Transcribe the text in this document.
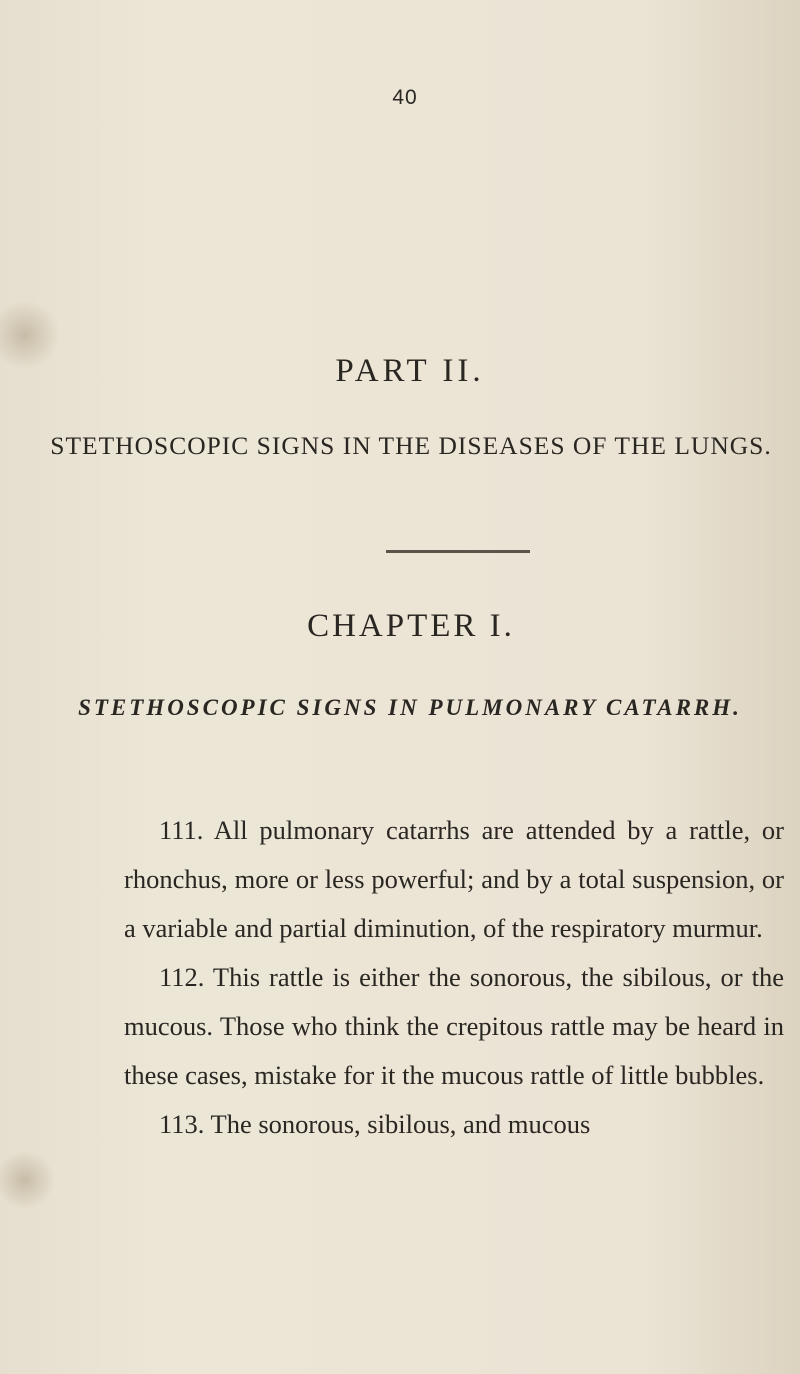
40
PART II.
STETHOSCOPIC SIGNS IN THE DISEASES OF THE LUNGS.
CHAPTER I.
STETHOSCOPIC SIGNS IN PULMONARY CATARRH.

111. All pulmonary catarrhs are attended by a rattle, or rhonchus, more or less powerful; and by a total suspension, or a variable and partial diminution, of the respiratory murmur.

112. This rattle is either the sonorous, the sibilous, or the mucous. Those who think the crepitous rattle may be heard in these cases, mistake for it the mucous rattle of little bubbles.

113. The sonorous, sibilous, and mucous
